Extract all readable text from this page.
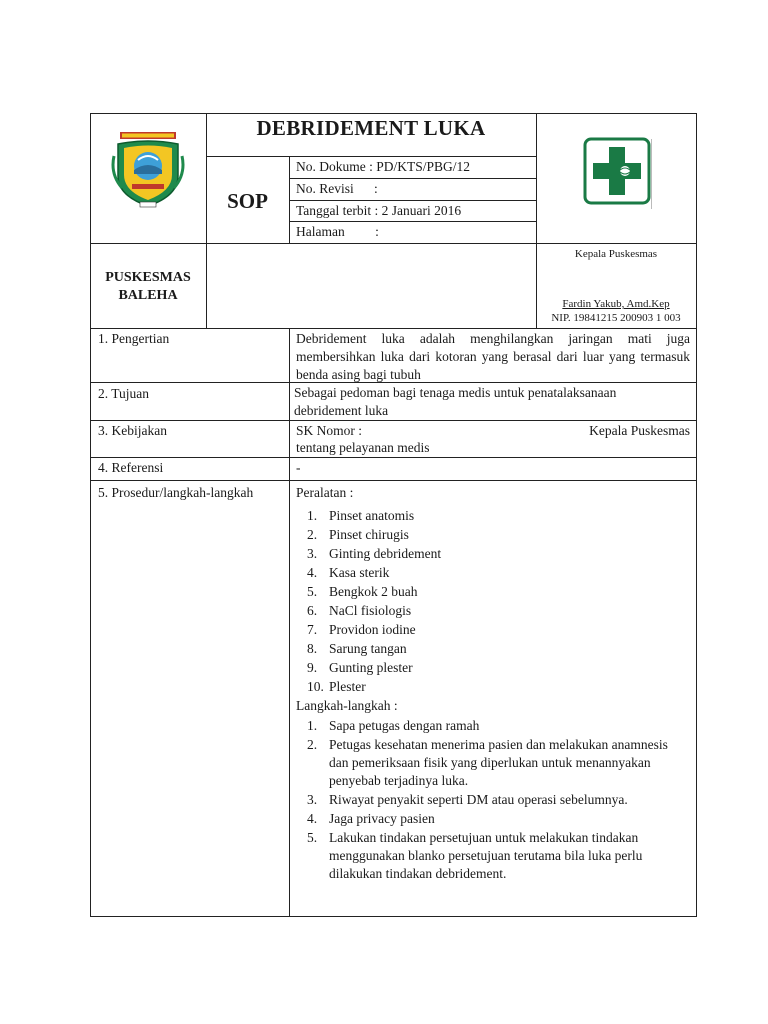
DEBRIDEMENT LUKA
SOP
No. Dokume : PD/KTS/PBG/12
No. Revisi      :
Tanggal terbit : 2 Januari 2016
Halaman         :
PUSKESMAS
BALEHA
Kepala Puskesmas
Fardin Yakub, Amd.Kep
NIP. 19841215 200903 1 003
1. Pengertian	Debridement luka adalah menghilangkan jaringan mati juga membersihkan luka dari kotoran yang berasal dari luar yang termasuk benda asing bagi tubuh
2. Tujuan	Sebagai pedoman bagi tenaga medis untuk penatalaksanaan debridement luka
3. Kebijakan	SK Nomor :	Kepala Puskesmas
tentang pelayanan medis
4. Referensi	-
5. Prosedur/langkah-langkah	Peralatan :
1. Pinset anatomis
2. Pinset chirugis
3. Ginting debridement
4. Kasa sterik
5. Bengkok 2 buah
6. NaCl fisiologis
7. Providon iodine
8. Sarung tangan
9. Gunting plester
10. Plester
Langkah-langkah :
1. Sapa petugas dengan ramah
2. Petugas kesehatan menerima pasien dan melakukan anamnesis dan pemeriksaan fisik yang diperlukan untuk menannyakan penyebab terjadinya luka.
3. Riwayat penyakit seperti DM atau operasi sebelumnya.
4. Jaga privacy pasien
5. Lakukan tindakan persetujuan untuk melakukan tindakan menggunakan blanko persetujuan terutama bila luka perlu dilakukan tindakan debridement.
